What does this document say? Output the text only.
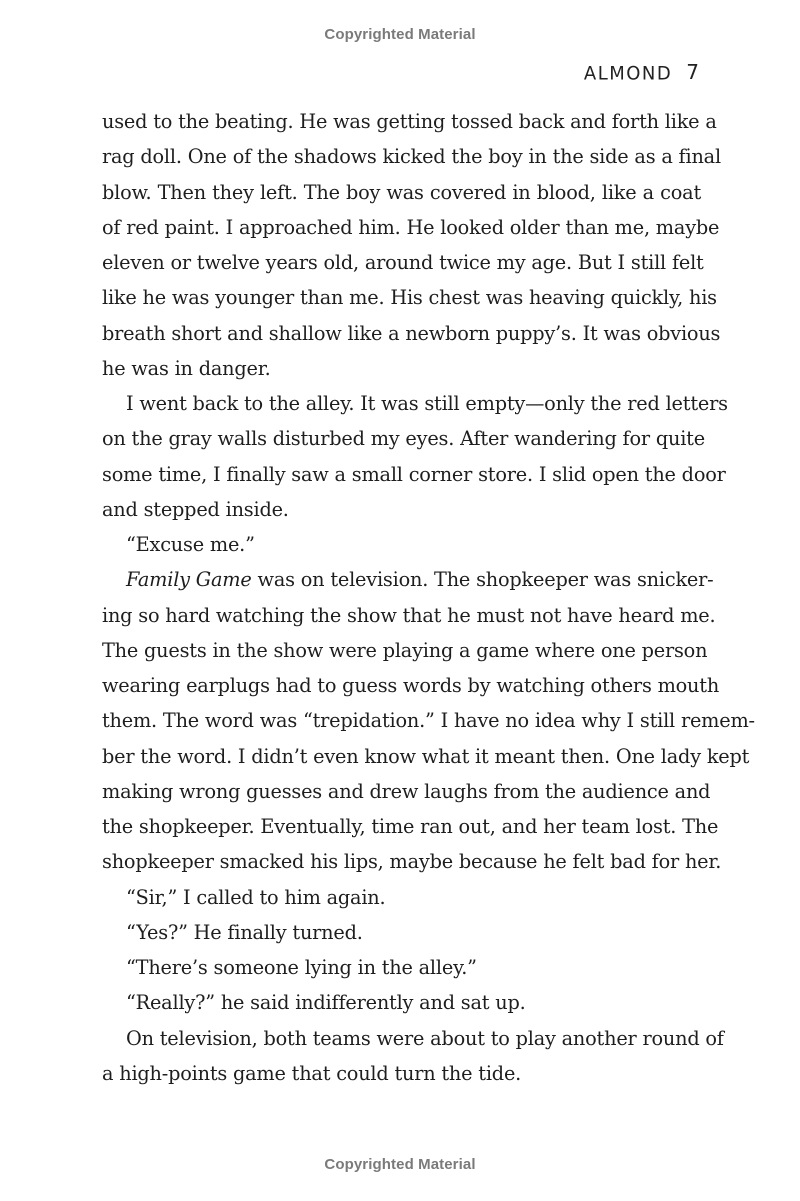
Copyrighted Material
ALMOND 7
used to the beating. He was getting tossed back and forth like a
rag doll. One of the shadows kicked the boy in the side as a final
blow. Then they left. The boy was covered in blood, like a coat
of red paint. I approached him. He looked older than me, maybe
eleven or twelve years old, around twice my age. But I still felt
like he was younger than me. His chest was heaving quickly, his
breath short and shallow like a newborn puppy’s. It was obvious
he was in danger.
I went back to the alley. It was still empty—only the red letters
on the gray walls disturbed my eyes. After wandering for quite
some time, I finally saw a small corner store. I slid open the door
and stepped inside.
“Excuse me.”
Family Game was on television. The shopkeeper was snicker-
ing so hard watching the show that he must not have heard me.
The guests in the show were playing a game where one person
wearing earplugs had to guess words by watching others mouth
them. The word was “trepidation.” I have no idea why I still remem-
ber the word. I didn’t even know what it meant then. One lady kept
making wrong guesses and drew laughs from the audience and
the shopkeeper. Eventually, time ran out, and her team lost. The
shopkeeper smacked his lips, maybe because he felt bad for her.
“Sir,” I called to him again.
“Yes?” He finally turned.
“There’s someone lying in the alley.”
“Really?” he said indifferently and sat up.
On television, both teams were about to play another round of
a high-points game that could turn the tide.
Copyrighted Material
